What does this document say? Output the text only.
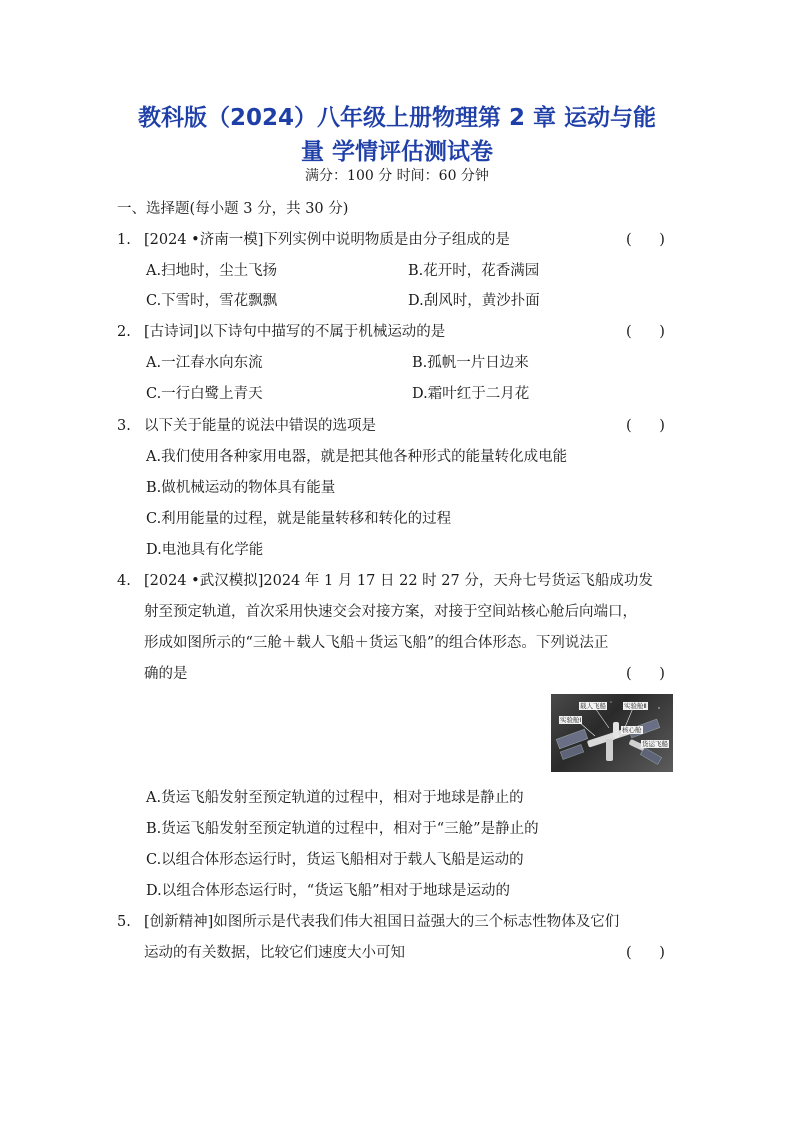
教科版（2024）八年级上册物理第 2 章 运动与能
量 学情评估测试卷
满分：100 分 时间：60 分钟
一、选择题(每小题 3 分，共 30 分)
1. [2024 •济南一模]下列实例中说明物质是由分子组成的是	(      )
A.扫地时，尘土飞扬	B.花开时，花香满园
C.下雪时，雪花飘飘	D.刮风时，黄沙扑面
2. [古诗词]以下诗句中描写的不属于机械运动的是	(      )
A.一江春水向东流	B.孤帆一片日边来
C.一行白鹭上青天	D.霜叶红于二月花
3. 以下关于能量的说法中错误的选项是	(      )
A.我们使用各种家用电器，就是把其他各种形式的能量转化成电能
B.做机械运动的物体具有能量
C.利用能量的过程，就是能量转移和转化的过程
D.电池具有化学能
4. [2024 •武汉模拟]2024 年 1 月 17 日 22 时 27 分，天舟七号货运飞船成功发
射至预定轨道，首次采用快速交会对接方案，对接于空间站核心舱后向端口，
形成如图所示的“三舱＋载人飞船＋货运飞船”的组合体形态。下列说法正
确的是	(      )
载人飞船	实验舱Ⅱ
实验舱Ⅰ
核心舱
货运飞船
A.货运飞船发射至预定轨道的过程中，相对于地球是静止的
B.货运飞船发射至预定轨道的过程中，相对于“三舱”是静止的
C.以组合体形态运行时，货运飞船相对于载人飞船是运动的
D.以组合体形态运行时，“货运飞船”相对于地球是运动的
5. [创新精神]如图所示是代表我们伟大祖国日益强大的三个标志性物体及它们
运动的有关数据，比较它们速度大小可知	(      )
